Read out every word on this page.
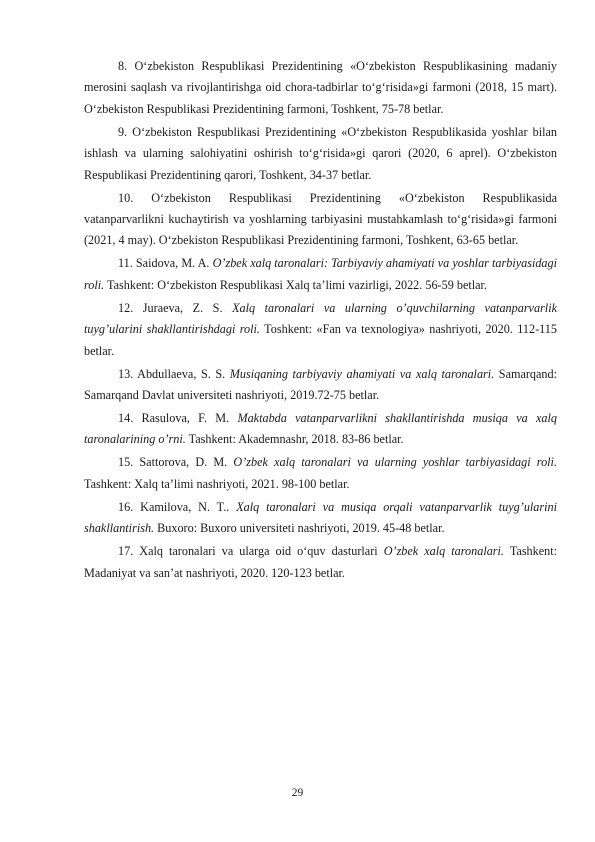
8. O‘zbekiston Respublikasi Prezidentining «O‘zbekiston Respublikasining madaniy merosini saqlash va rivojlantirishga oid chora-tadbirlar to‘g‘risida»gi farmoni (2018, 15 mart). O‘zbekiston Respublikasi Prezidentining farmoni, Toshkent, 75-78 betlar.

9. O‘zbekiston Respublikasi Prezidentining «O‘zbekiston Respublikasida yoshlar bilan ishlash va ularning salohiyatini oshirish to‘g‘risida»gi qarori (2020, 6 aprel). O‘zbekiston Respublikasi Prezidentining qarori, Toshkent, 34-37 betlar.

10. O‘zbekiston Respublikasi Prezidentining «O‘zbekiston Respublikasida vatanparvarlikni kuchaytirish va yoshlarning tarbiyasini mustahkamlash to‘g‘risida»gi farmoni (2021, 4 may). O‘zbekiston Respublikasi Prezidentining farmoni, Toshkent, 63-65 betlar.

11. Saidova, M. A. O’zbek xalq taronalari: Tarbiyaviy ahamiyati va yoshlar tarbiyasidagi roli. Tashkent: O‘zbekiston Respublikasi Xalq ta’limi vazirligi, 2022. 56-59 betlar.

12. Juraeva, Z. S. Xalq taronalari va ularning o’quvchilarning vatanparvarlik tuyg’ularini shakllantirishdagi roli. Toshkent: «Fan va texnologiya» nashriyoti, 2020. 112-115 betlar.

13. Abdullaeva, S. S. Musiqaning tarbiyaviy ahamiyati va xalq taronalari. Samarqand: Samarqand Davlat universiteti nashriyoti, 2019.72-75 betlar.

14. Rasulova, F. M. Maktabda vatanparvarlikni shakllantirishda musiqa va xalq taronalarining o’rni. Tashkent: Akademnashr, 2018. 83-86 betlar.

15. Sattorova, D. M. O’zbek xalq taronalari va ularning yoshlar tarbiyasidagi roli. Tashkent: Xalq ta’limi nashriyoti, 2021. 98-100 betlar.

16. Kamilova, N. T.. Xalq taronalari va musiqa orqali vatanparvarlik tuyg’ularini shakllantirish. Buxoro: Buxoro universiteti nashriyoti, 2019. 45-48 betlar.

17. Xalq taronalari va ularga oid o‘quv dasturlari O’zbek xalq taronalari. Tashkent: Madaniyat va san’at nashriyoti, 2020. 120-123 betlar.

29
